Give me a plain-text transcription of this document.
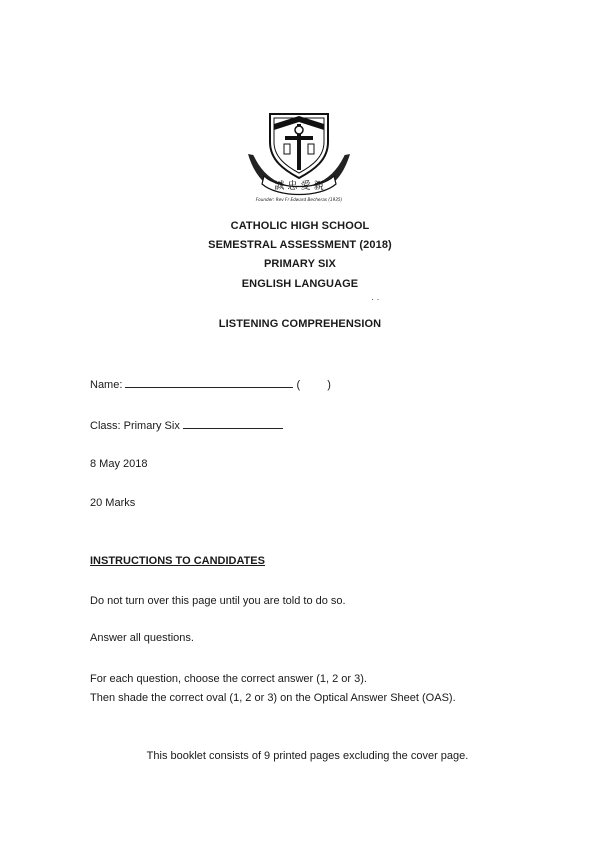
誠 忠 愛 親
Founder: Rev Fr Edward Becheras (1935)
CATHOLIC HIGH SCHOOL
SEMESTRAL ASSESSMENT (2018)
PRIMARY SIX
ENGLISH LANGUAGE
· ·
LISTENING COMPREHENSION
Name:	( )
Class: Primary Six
8 May 2018
20 Marks
INSTRUCTIONS TO CANDIDATES
Do not turn over this page until you are told to do so.
Answer all questions.
For each question, choose the correct answer (1, 2 or 3).
Then shade the correct oval (1, 2 or 3) on the Optical Answer Sheet (OAS).
This booklet consists of 9 printed pages excluding the cover page.
